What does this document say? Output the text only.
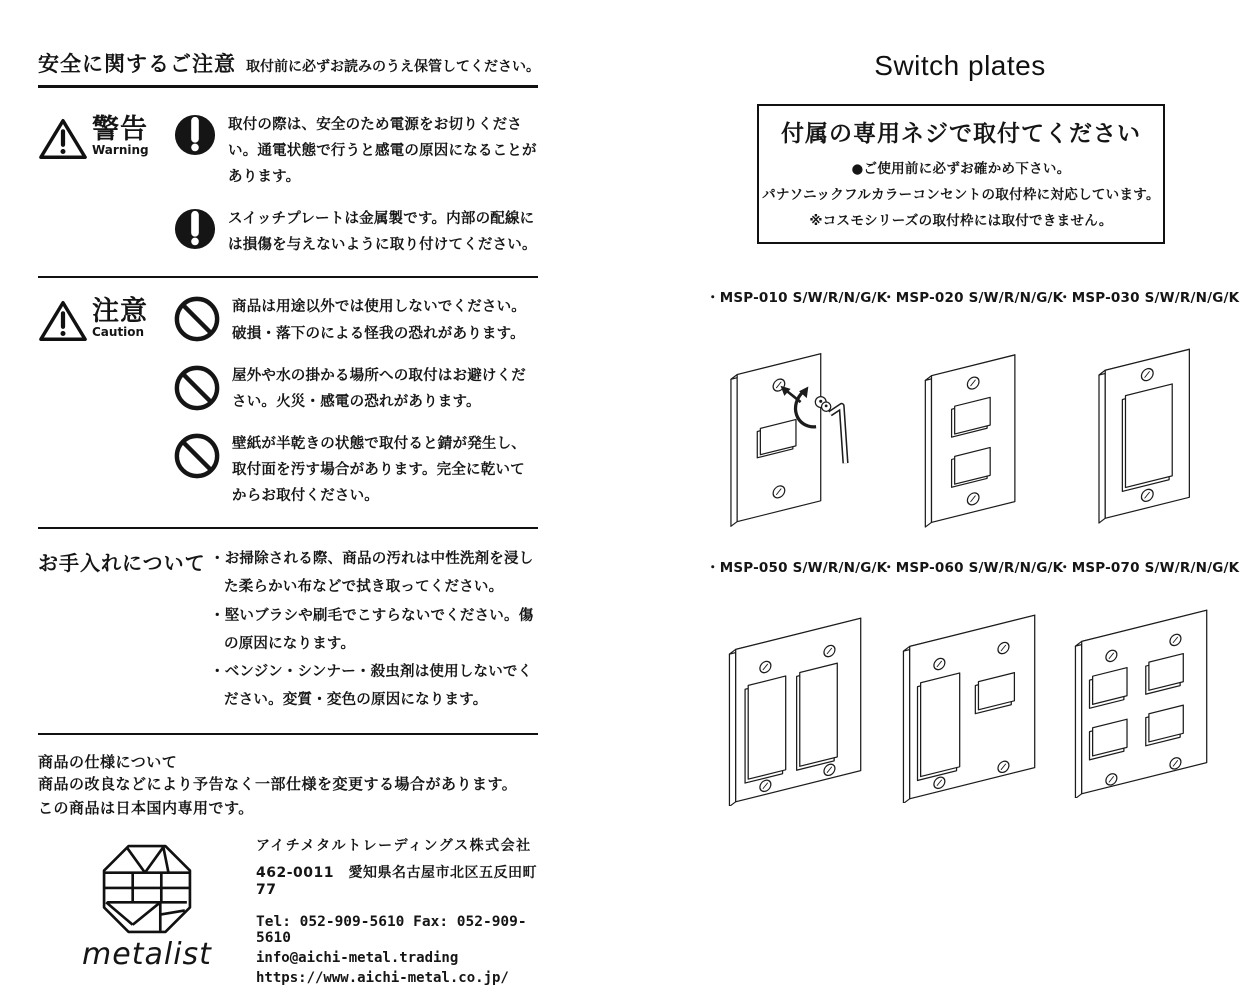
安全に関するご注意 取付前に必ずお読みのうえ保管してください。
警告
Warning
取付の際は、安全のため電源をお切りください。通電状態で行うと感電の原因になることがあります。
スイッチプレートは金属製です。内部の配線には損傷を与えないように取り付けてください。
注意
Caution
商品は用途以外では使用しないでください。破損・落下のによる怪我の恐れがあります。
屋外や水の掛かる場所への取付はお避けください。火災・感電の恐れがあります。
壁紙が半乾きの状態で取付ると錆が発生し、取付面を汚す場合があります。完全に乾いてからお取付ください。
お手入れについて ・お掃除される際、商品の汚れは中性洗剤を浸した柔らかい布などで拭き取ってください。
・堅いブラシや刷毛でこすらないでください。傷の原因になります。
・ベンジン・シンナー・殺虫剤は使用しないでください。変質・変色の原因になります。
商品の仕様について
商品の改良などにより予告なく一部仕様を変更する場合があります。
この商品は日本国内専用です。
metalist
アイチメタルトレーディングス株式会社
462-0011　愛知県名古屋市北区五反田町77
Tel: 052-909-5610 Fax: 052-909-5610
info@aichi-metal.trading
https://www.aichi-metal.co.jp/
Switch plates
付属の専用ネジで取付てください
●ご使用前に必ずお確かめ下さい。
パナソニックフルカラーコンセントの取付枠に対応しています。
※コスモシリーズの取付枠には取付できません。
・MSP-010 S/W/R/N/G/K
・MSP-020 S/W/R/N/G/K
・MSP-030 S/W/R/N/G/K
・MSP-050 S/W/R/N/G/K
・MSP-060 S/W/R/N/G/K
・MSP-070 S/W/R/N/G/K
